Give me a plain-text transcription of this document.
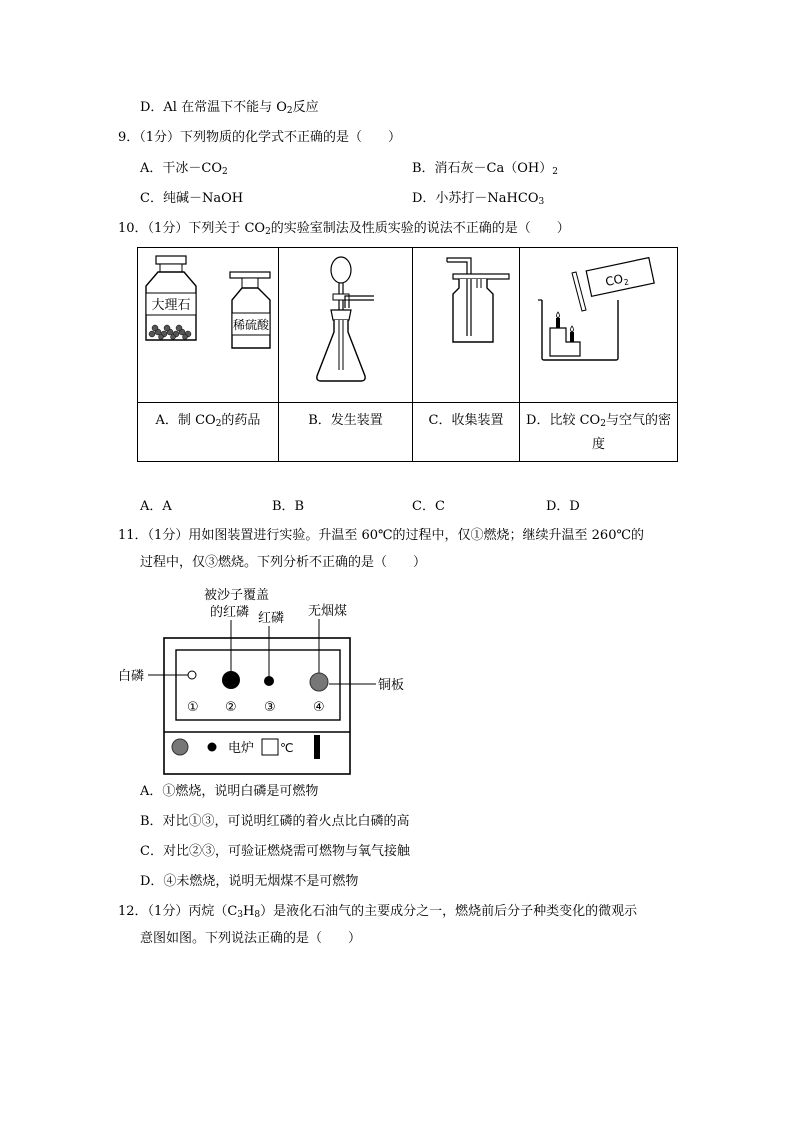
D．Al 在常温下不能与 $O_2$反应
9．（1分）下列物质的化学式不正确的是（　　）
A．干冰$-CO_2$	B．消石灰$-Ca(OH)_2$
C．纯碱－NaOH	D．小苏打－NaHCO$_3$
10．（1分）下列关于 $CO_2$的实验室制法及性质实验的说法不正确的是（　　）
大理石
稀硫酸			$CO_2$

A．制 $CO_2$的药品	B．发生装置	C．收集装置	D．比较 $CO_2$与空气的密
度
A．A	B．B	C．C	D．D
11．（1分）用如图装置进行实验。升温至 60℃的过程中，仅①燃烧；继续升温至 260℃的
过程中，仅③燃烧。下列分析不正确的是（　　）
被沙子覆盖
的红磷 红磷 无烟煤
白磷
铜板
① ② ③	④
电炉 ℃
A．①燃烧，说明白磷是可燃物
B．对比①③，可说明红磷的着火点比白磷的高
C．对比②③，可验证燃烧需可燃物与氧气接触
D．④未燃烧，说明无烟煤不是可燃物
12．（1分）丙烷$(C_3H_8)$是液化石油气的主要成分之一，燃烧前后分子种类变化的微观示
意图如图。下列说法正确的是（　　）
